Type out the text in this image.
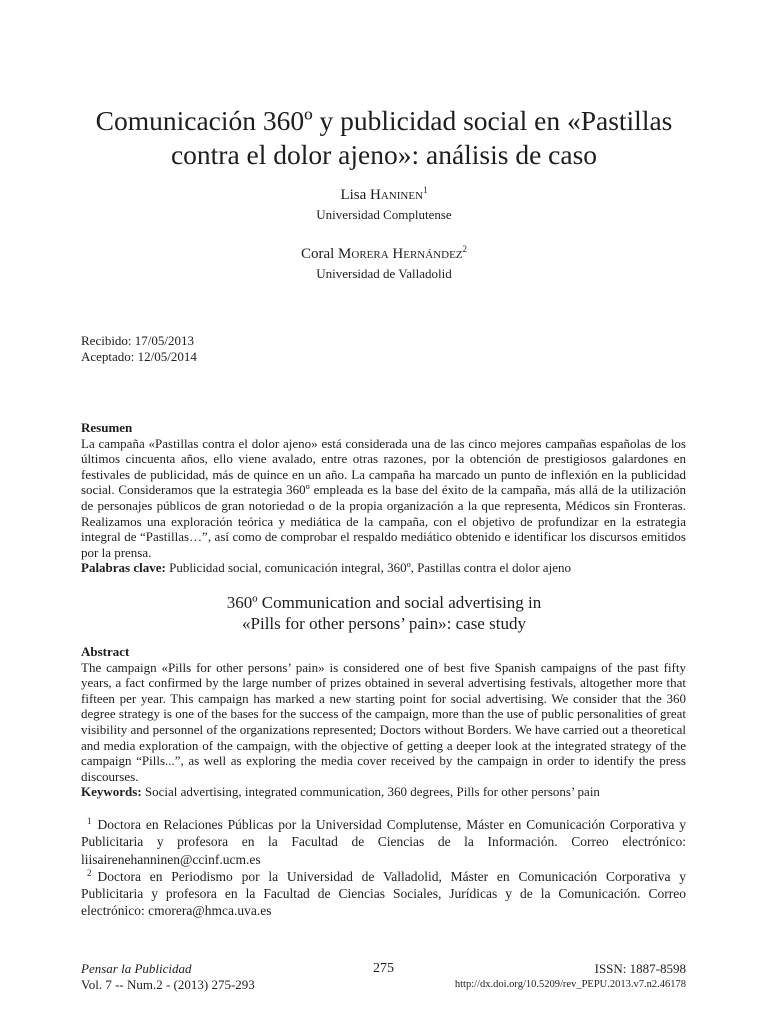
Comunicación 360º y publicidad social en «Pastillas
contra el dolor ajeno»: análisis de caso
Lisa Haninen$^1$
Universidad Complutense
Coral Morera Hernández$^2$
Universidad de Valladolid
Recibido: 17/05/2013
Aceptado: 12/05/2014
Resumen

La campaña «Pastillas contra el dolor ajeno» está considerada una de las cinco mejores campañas españolas de los últimos cincuenta años, ello viene avalado, entre otras razones, por la obtención de prestigiosos galardones en festivales de publicidad, más de quince en un año. La campaña ha marcado un punto de inflexión en la publicidad social. Consideramos que la estrategia 360º empleada es la base del éxito de la campaña, más allá de la utilización de personajes públicos de gran notoriedad o de la propia organización a la que representa, Médicos sin Fronteras. Realizamos una exploración teórica y mediática de la campaña, con el objetivo de profundizar en la estrategia integral de “Pastillas…”, así como de comprobar el respaldo mediático obtenido e identificar los discursos emitidos por la prensa.

Palabras clave: Publicidad social, comunicación integral, 360º, Pastillas contra el dolor ajeno

360º Communication and social advertising in
«Pills for other persons’ pain»: case study
Abstract

The campaign «Pills for other persons’ pain» is considered one of best five Spanish campaigns of the past fifty years, a fact confirmed by the large number of prizes obtained in several advertising festivals, altogether more that fifteen per year. This campaign has marked a new starting point for social advertising. We consider that the 360 degree strategy is one of the bases for the success of the campaign, more than the use of public personalities of great visibility and personnel of the organizations represented; Doctors without Borders. We have carried out a theoretical and media exploration of the campaign, with the objective of getting a deeper look at the integrated strategy of the campaign “Pills...”, as well as exploring the media cover received by the campaign in order to identify the press discourses.

Keywords: Social advertising, integrated communication, 360 degrees, Pills for other persons’ pain

$^1$ Doctora en Relaciones Públicas por la Universidad Complutense, Máster en Comunicación Corporativa y Publicitaria y profesora en la Facultad de Ciencias de la Información. Correo electrónico: liisairenehanninen@ccinf.ucm.es

$^2$ Doctora en Periodismo por la Universidad de Valladolid, Máster en Comunicación Corporativa y Publicitaria y profesora en la Facultad de Ciencias Sociales, Jurídicas y de la Comunicación. Correo electrónico: cmorera@hmca.uva.es

Pensar la Publicidad
Vol. 7 -- Num.2 - (2013) 275-293
275	ISSN: 1887-8598
http://dx.doi.org/10.5209/rev_PEPU.2013.v7.n2.46178
